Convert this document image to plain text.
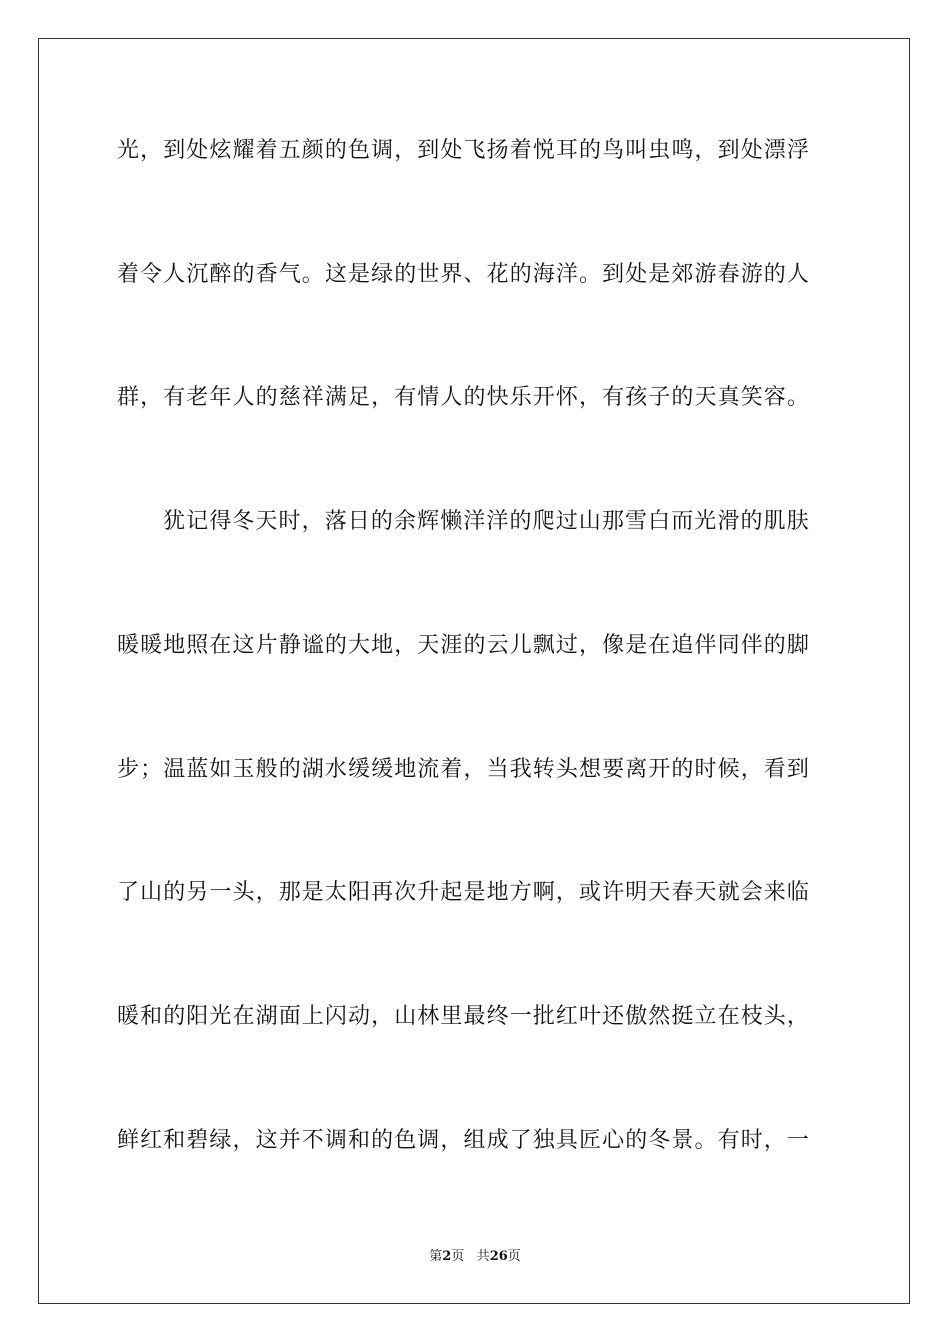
光，到处炫耀着五颜的色调，到处飞扬着悦耳的鸟叫虫鸣，到处漂浮
着令人沉醉的香气。这是绿的世界、花的海洋。到处是郊游春游的人
群，有老年人的慈祥满足，有情人的快乐开怀，有孩子的天真笑容。
犹记得冬天时，落日的余辉懒洋洋的爬过山那雪白而光滑的肌肤
暖暖地照在这片静谧的大地，天涯的云儿飘过，像是在追伴同伴的脚
步；温蓝如玉般的湖水缓缓地流着，当我转头想要离开的时候，看到
了山的另一头，那是太阳再次升起是地方啊，或许明天春天就会来临
暖和的阳光在湖面上闪动，山林里最终一批红叶还傲然挺立在枝头，
鲜红和碧绿，这并不调和的色调，组成了独具匠心的冬景。有时，一
第2页 共26页
